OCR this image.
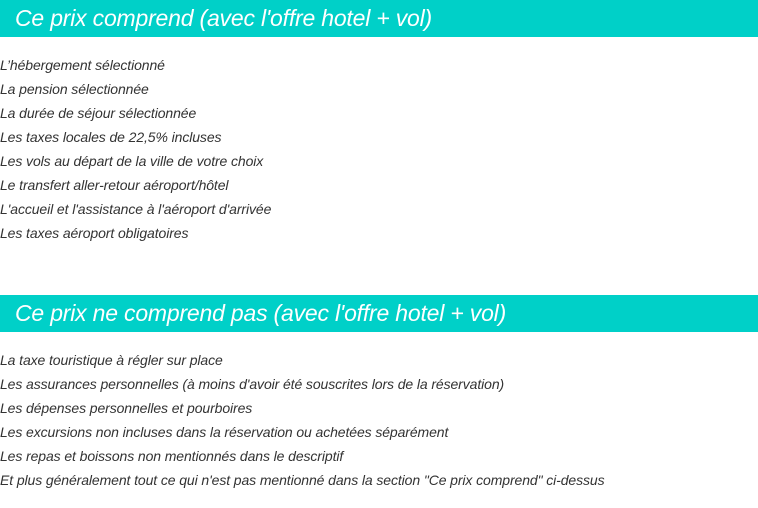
Ce prix comprend (avec l'offre hotel + vol)
L’hébergement sélectionné
La pension sélectionnée
La durée de séjour sélectionnée
Les taxes locales de 22,5% incluses
Les vols au départ de la ville de votre choix
Le transfert aller-retour aéroport/hôtel
L'accueil et l'assistance à l'aéroport d'arrivée
Les taxes aéroport obligatoires
Ce prix ne comprend pas (avec l'offre hotel + vol)
La taxe touristique à régler sur place
Les assurances personnelles (à moins d'avoir été souscrites lors de la réservation)
Les dépenses personnelles et pourboires
Les excursions non incluses dans la réservation ou achetées séparément
Les repas et boissons non mentionnés dans le descriptif
Et plus généralement tout ce qui n'est pas mentionné dans la section "Ce prix comprend" ci-dessus
